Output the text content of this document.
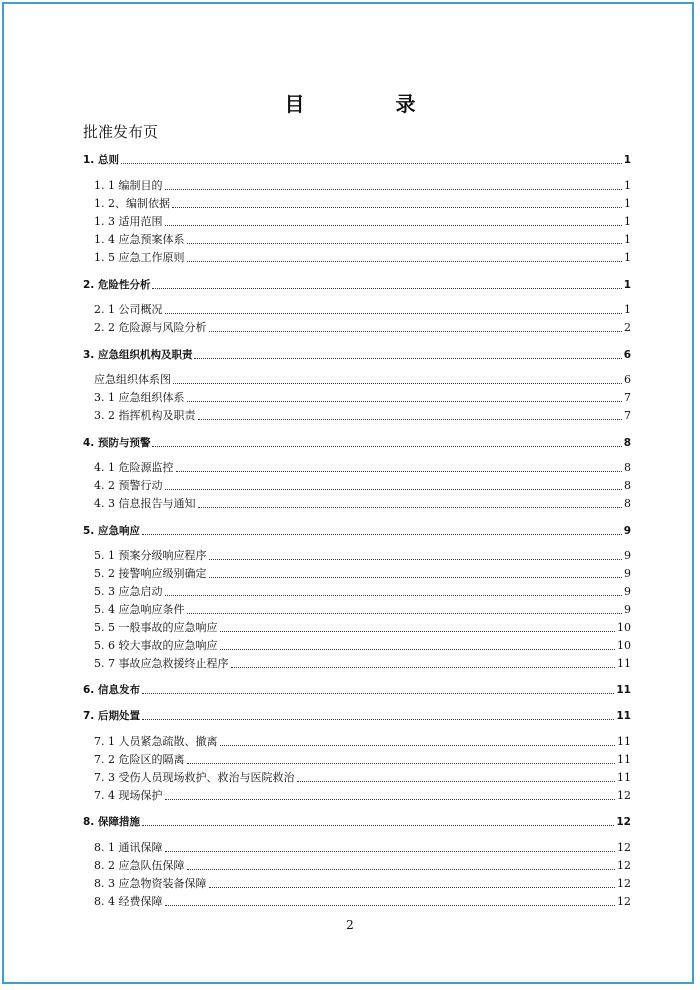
目 录
批准发布页
1. 总则	1
1. 1 编制目的	1
1. 2、编制依据	1
1. 3 适用范围	1
1. 4 应急预案体系	1
1. 5 应急工作原则	1
2. 危险性分析	1
2. 1 公司概况	1
2. 2 危险源与风险分析	2
3. 应急组织机构及职责	6
应急组织体系图	6
3. 1 应急组织体系	7
3. 2 指挥机构及职责	7
4. 预防与预警	8
4. 1 危险源监控	8
4. 2 预警行动	8
4. 3 信息报告与通知	8
5. 应急响应	9
5. 1 预案分级响应程序	9
5. 2 接警响应级别确定	9
5. 3 应急启动	9
5. 4 应急响应条件	9
5. 5 一般事故的应急响应	10
5. 6 较大事故的应急响应	10
5. 7 事故应急救援终止程序	11
6. 信息发布	11
7. 后期处置	11
7. 1 人员紧急疏散、撤离	11
7. 2 危险区的隔离	11
7. 3 受伤人员现场救护、救治与医院救治	11
7. 4 现场保护	12
8. 保障措施	12
8. 1 通讯保障	12
8. 2 应急队伍保障	12
8. 3 应急物资装备保障	12
8. 4 经费保障	12
2
